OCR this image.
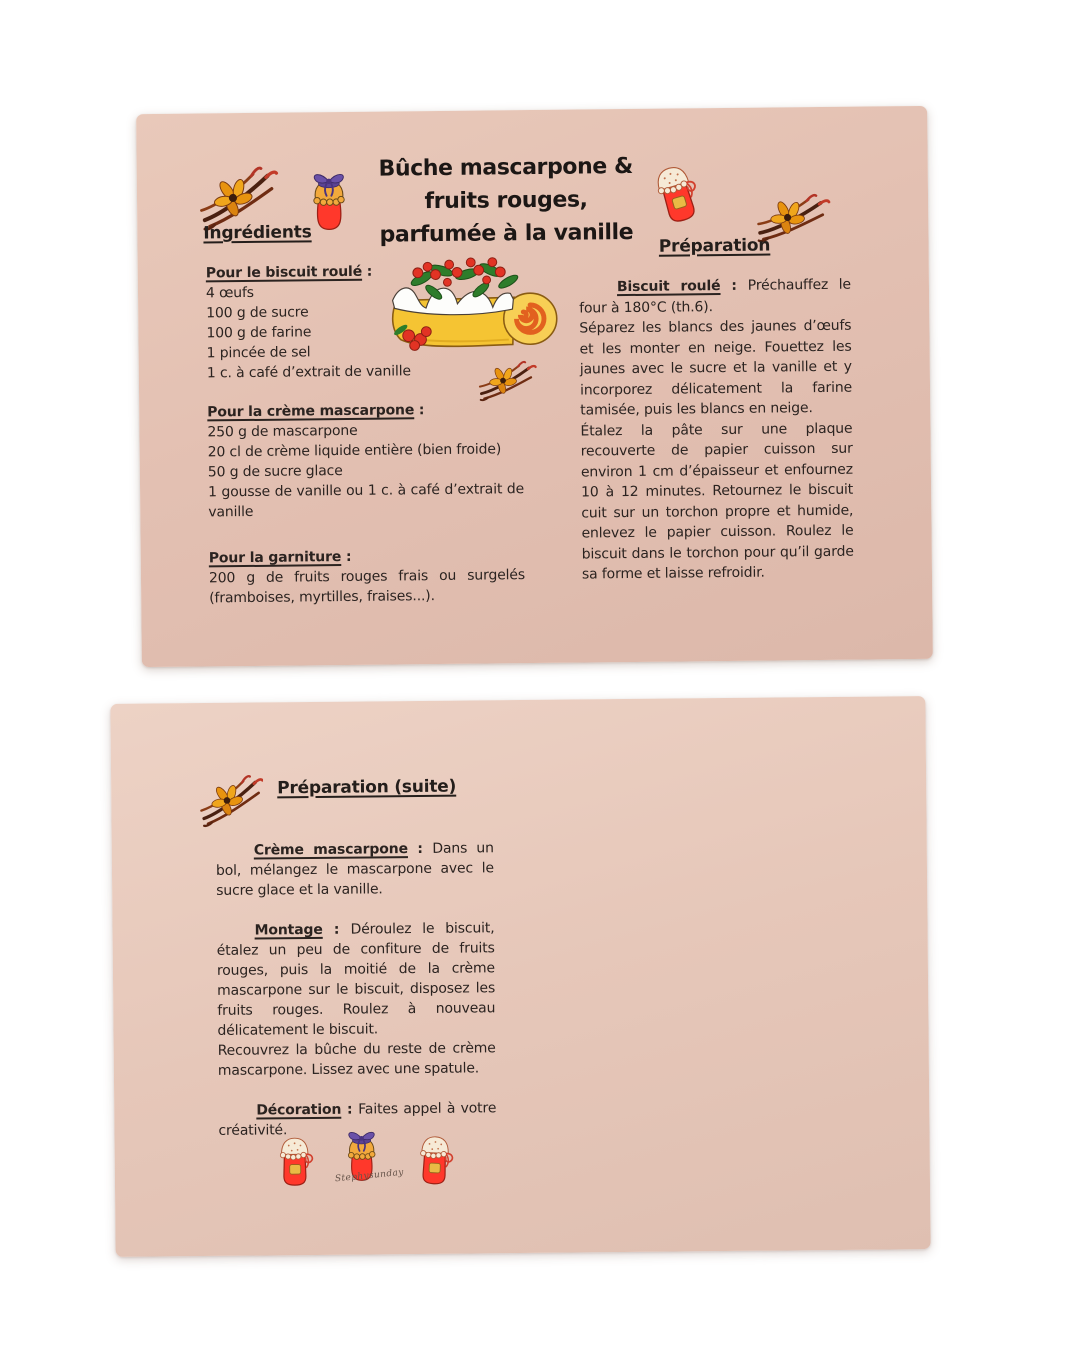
Bûche mascarpone &
fruits rouges,
parfumée à la vanille
Ingrédients

Pour le biscuit roulé :

4 œufs

100 g de sucre

100 g de farine

1 pincée de sel

1 c. à café d’extrait de vanille

Pour la crème mascarpone :

250 g de mascarpone

20 cl de crème liquide entière (bien froide)

50 g de sucre glace

1 gousse de vanille ou 1 c. à café d’extrait de vanille

Pour la garniture :

200 g de fruits rouges frais ou surgelés (framboises, myrtilles, fraises...).

Préparation

Biscuit roulé : Préchauffez le four à 180°C (th.6).

Séparez les blancs des jaunes d’œufs et les monter en neige. Fouettez les jaunes avec le sucre et la vanille et y incorporez délicatement la farine tamisée, puis les blancs en neige.

Étalez la pâte sur une plaque recouverte de papier cuisson sur environ 1 cm d’épaisseur et enfournez 10 à 12 minutes. Retournez le biscuit cuit sur un torchon propre et humide, enlevez le papier cuisson. Roulez le biscuit dans le torchon pour qu’il garde sa forme et laisse refroidir.

Préparation (suite)

Crème mascarpone : Dans un bol, mélangez le mascarpone avec le sucre glace et la vanille.

Montage : Déroulez le biscuit, étalez un peu de confiture de fruits rouges, puis la moitié de la crème mascarpone sur le biscuit, disposez les fruits rouges. Roulez à nouveau délicatement le biscuit.

Recouvrez la bûche du reste de crème mascarpone. Lissez avec une spatule.

Décoration : Faites appel à votre créativité.

Stephysunday
